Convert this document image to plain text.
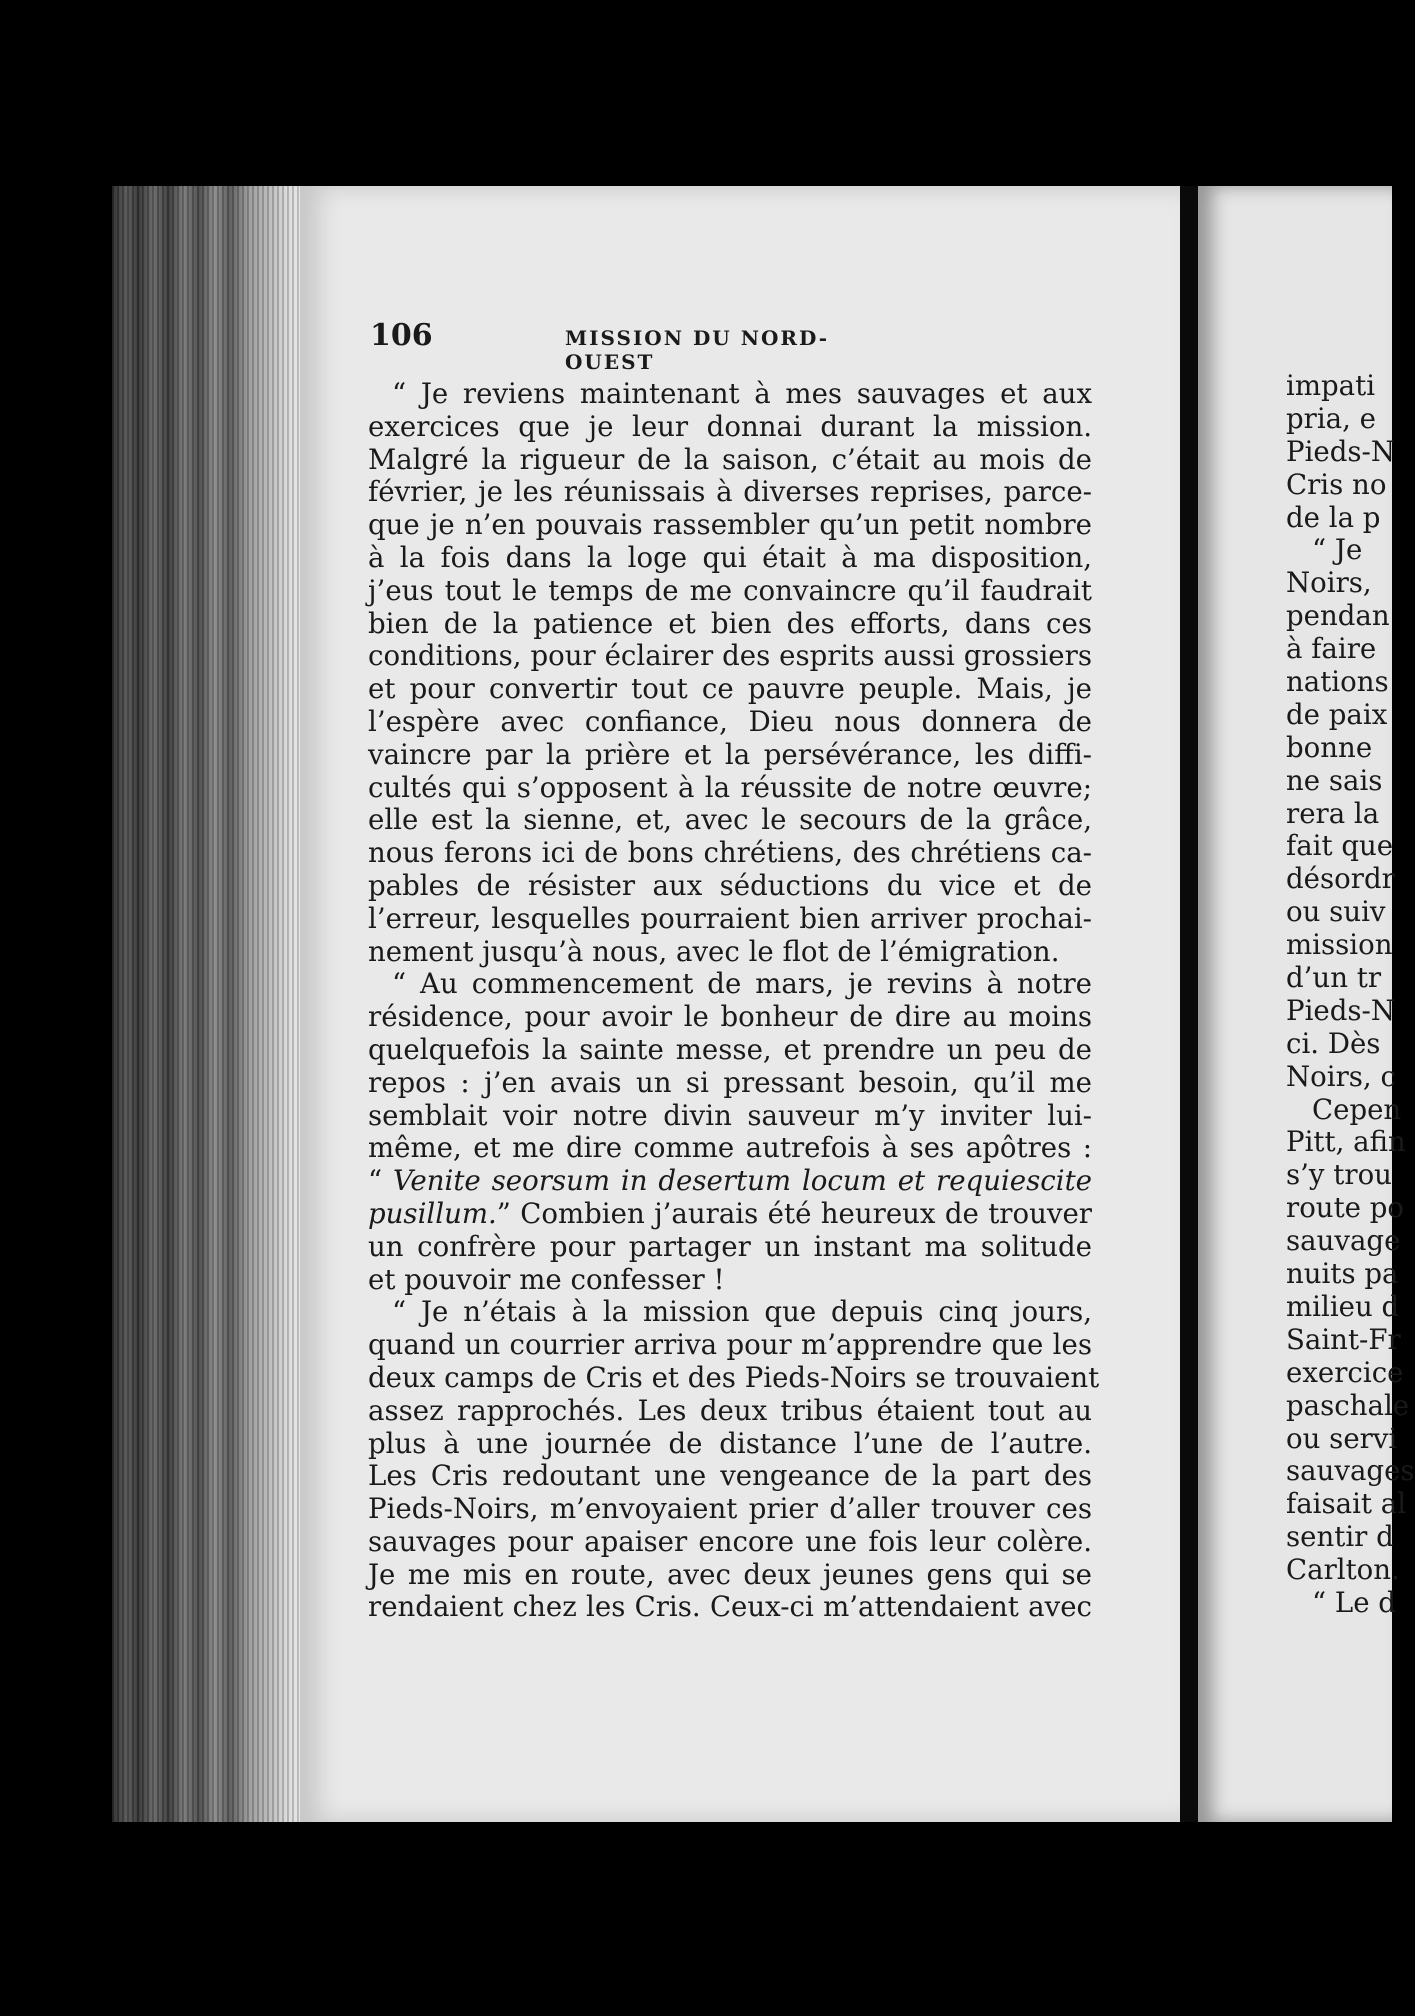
106	MISSION DU NORD-OUEST
“ Je reviens maintenant à mes sauvages et aux
exercices que je leur donnai durant la mission.
Malgré la rigueur de la saison, c’était au mois de
février, je les réunissais à diverses reprises, parce-
que je n’en pouvais rassembler qu’un petit nombre
à la fois dans la loge qui était à ma disposition,
j’eus tout le temps de me convaincre qu’il faudrait
bien de la patience et bien des efforts, dans ces
conditions, pour éclairer des esprits aussi grossiers
et pour convertir tout ce pauvre peuple. Mais, je
l’espère avec confiance, Dieu nous donnera de
vaincre par la prière et la persévérance, les diffi-
cultés qui s’opposent à la réussite de notre œuvre;
elle est la sienne, et, avec le secours de la grâce,
nous ferons ici de bons chrétiens, des chrétiens ca-
pables de résister aux séductions du vice et de
l’erreur, lesquelles pourraient bien arriver prochai-
nement jusqu’à nous, avec le flot de l’émigration.
“ Au commencement de mars, je revins à notre
résidence, pour avoir le bonheur de dire au moins
quelquefois la sainte messe, et prendre un peu de
repos : j’en avais un si pressant besoin, qu’il me
semblait voir notre divin sauveur m’y inviter lui-
même, et me dire comme autrefois à ses apôtres :
“ Venite seorsum in desertum locum et requiescite
pusillum.” Combien j’aurais été heureux de trouver
un confrère pour partager un instant ma solitude
et pouvoir me confesser !
“ Je n’étais à la mission que depuis cinq jours,
quand un courrier arriva pour m’apprendre que les
deux camps de Cris et des Pieds-Noirs se trouvaient
assez rapprochés. Les deux tribus étaient tout au
plus à une journée de distance l’une de l’autre.
Les Cris redoutant une vengeance de la part des
Pieds-Noirs, m’envoyaient prier d’aller trouver ces
sauvages pour apaiser encore une fois leur colère.
Je me mis en route, avec deux jeunes gens qui se
rendaient chez les Cris. Ceux-ci m’attendaient avec
impati
pria, e
Pieds-N
Cris no
de la p
“ Je
Noirs,
pendan
à faire
nations
de paix
bonne
ne sais
rera la
fait que
désordr
ou suiv
mission
d’un tr
Pieds-N
ci. Dès
Noirs, c
Cepen
Pitt, afin
s’y trou
route po
sauvage
nuits pa
milieu d
Saint-Fr
exercice
paschale
ou servi
sauvages
faisait al
sentir d
Carlton.
“ Le d
